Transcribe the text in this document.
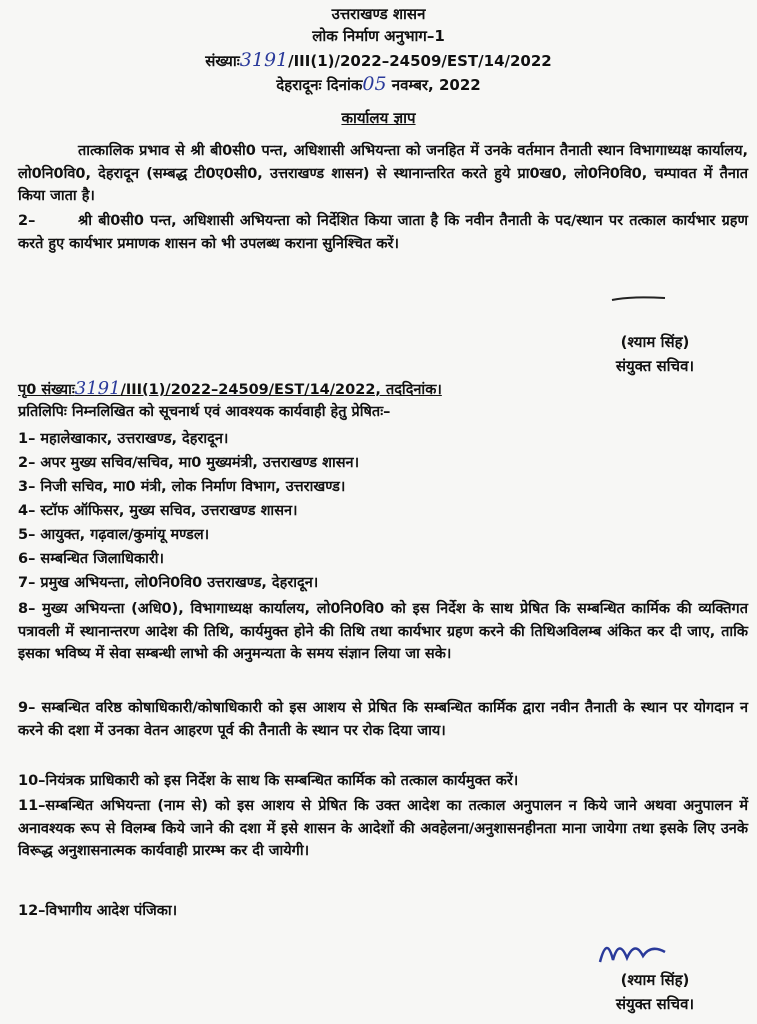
उत्तराखण्ड शासन
लोक निर्माण अनुभाग–1
संख्याः3191/III(1)/2022–24509/EST/14/2022
देहरादूनः दिनांक05 नवम्बर, 2022
कार्यालय ज्ञाप
तात्कालिक प्रभाव से श्री बी0सी0 पन्त, अधिशासी अभियन्ता को जनहित में उनके वर्तमान तैनाती स्थान विभागाध्यक्ष कार्यालय, लो0नि0वि0, देहरादून (सम्बद्ध टी0ए0सी0, उत्तराखण्ड शासन) से स्थानान्तरित करते हुये प्रा0ख0, लो0नि0वि0, चम्पावत में तैनात किया जाता है।
2–	श्री बी0सी0 पन्त, अधिशासी अभियन्ता को निर्देशित किया जाता है कि नवीन तैनाती के पद/स्थान पर तत्काल कार्यभार ग्रहण करते हुए कार्यभार प्रमाणक शासन को भी उपलब्ध कराना सुनिश्चित करें।
(श्याम सिंह)
संयुक्त सचिव।
पृ0 संख्याः3191/III(1)/2022–24509/EST/14/2022, तददिनांक।
प्रतिलिपिः निम्नलिखित को सूचनार्थ एवं आवश्यक कार्यवाही हेतु प्रेषितः–
1– महालेखाकार, उत्तराखण्ड, देहरादून।
2– अपर मुख्य सचिव/सचिव, मा0 मुख्यमंत्री, उत्तराखण्ड शासन।
3– निजी सचिव, मा0 मंत्री, लोक निर्माण विभाग, उत्तराखण्ड।
4– स्टॉफ ऑफिसर, मुख्य सचिव, उत्तराखण्ड शासन।
5– आयुक्त, गढ़वाल/कुमांयू मण्डल।
6– सम्बन्धित जिलाधिकारी।
7– प्रमुख अभियन्ता, लो0नि0वि0 उत्तराखण्ड, देहरादून।
8– मुख्य अभियन्ता (अधि0), विभागाध्यक्ष कार्यालय, लो0नि0वि0 को इस निर्देश के साथ प्रेषित कि सम्बन्धित कार्मिक की व्यक्तिगत पत्रावली में स्थानान्तरण आदेश की तिथि, कार्यमुक्त होने की तिथि तथा कार्यभार ग्रहण करने की तिथिअविलम्ब अंकित कर दी जाए, ताकि इसका भविष्य में सेवा सम्बन्धी लाभो की अनुमन्यता के समय संज्ञान लिया जा सके।
9– सम्बन्धित वरिष्ठ कोषाधिकारी/कोषाधिकारी को इस आशय से प्रेषित कि सम्बन्धित कार्मिक द्वारा नवीन तैनाती के स्थान पर योगदान न करने की दशा में उनका वेतन आहरण पूर्व की तैनाती के स्थान पर रोक दिया जाय।
10–नियंत्रक प्राधिकारी को इस निर्देश के साथ कि सम्बन्धित कार्मिक को तत्काल कार्यमुक्त करें।
11–सम्बन्धित अभियन्ता (नाम से) को इस आशय से प्रेषित कि उक्त आदेश का तत्काल अनुपालन न किये जाने अथवा अनुपालन में अनावश्यक रूप से विलम्ब किये जाने की दशा में इसे शासन के आदेशों की अवहेलना/अनुशासनहीनता माना जायेगा तथा इसके लिए उनके विरूद्ध अनुशासनात्मक कार्यवाही प्रारम्भ कर दी जायेगी।
12–विभागीय आदेश पंजिका।
(श्याम सिंह)
संयुक्त सचिव।
